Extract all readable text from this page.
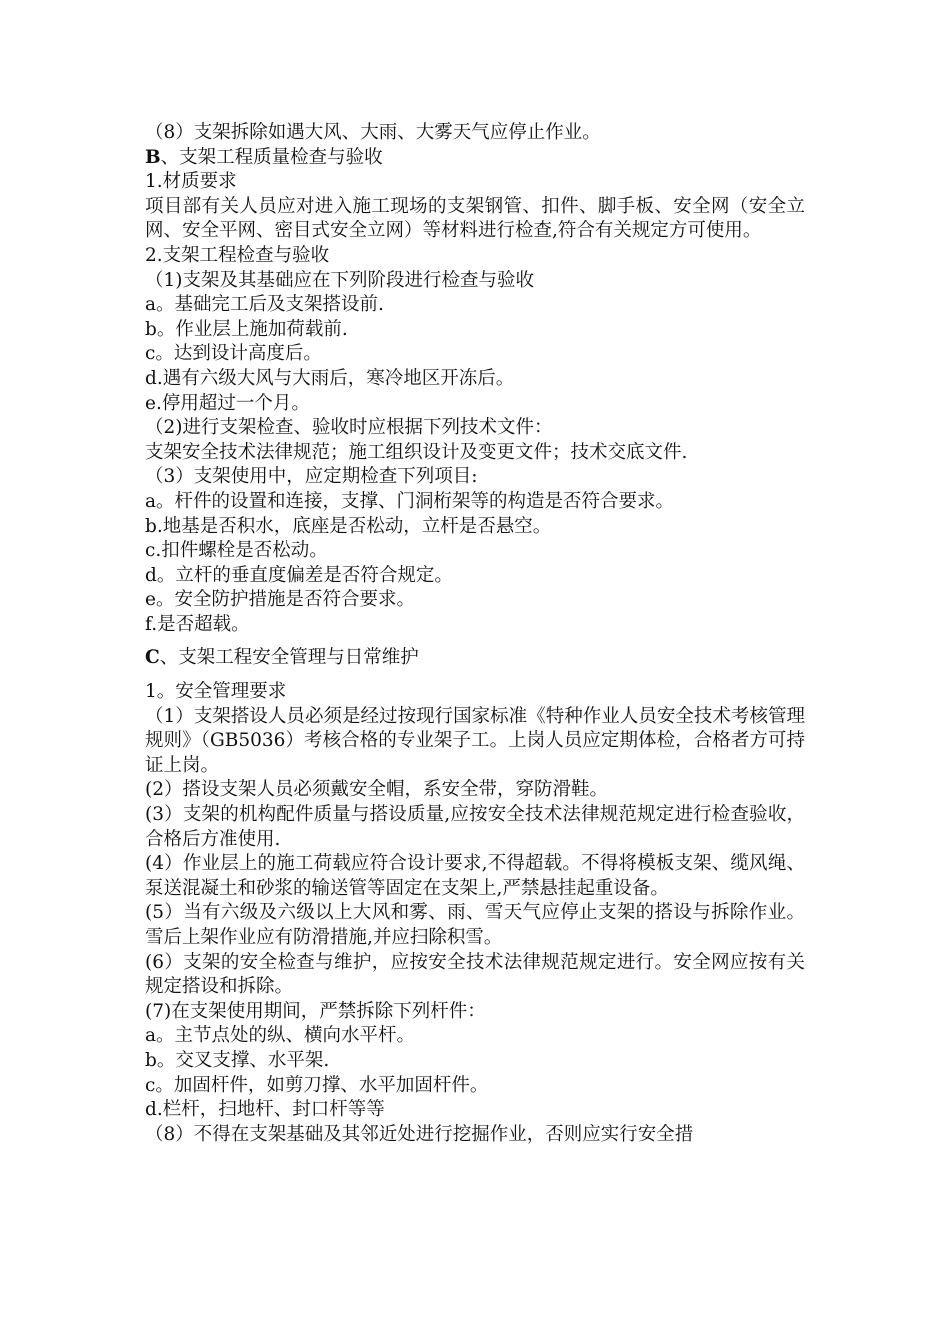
（8）支架拆除如遇大风、大雨、大雾天气应停止作业。

B、支架工程质量检查与验收

1.材质要求

项目部有关人员应对进入施工现场的支架钢管、扣件、脚手板、安全网（安全立网、安全平网、密目式安全立网）等材料进行检查,符合有关规定方可使用。

2.支架工程检查与验收

（1)支架及其基础应在下列阶段进行检查与验收

a。基础完工后及支架搭设前.

b。作业层上施加荷载前.

c。达到设计高度后。

d.遇有六级大风与大雨后，寒冷地区开冻后。

e.停用超过一个月。

（2)进行支架检查、验收时应根据下列技术文件：

支架安全技术法律规范；施工组织设计及变更文件；技术交底文件.

（3）支架使用中，应定期检查下列项目:

a。杆件的设置和连接，支撑、门洞桁架等的构造是否符合要求。

b.地基是否积水，底座是否松动，立杆是否悬空。

c.扣件螺栓是否松动。

d。立杆的垂直度偏差是否符合规定。

e。安全防护措施是否符合要求。

f.是否超载。

C、支架工程安全管理与日常维护

1。安全管理要求

（1）支架搭设人员必须是经过按现行国家标准《特种作业人员安全技术考核管理规则》（GB5036）考核合格的专业架子工。上岗人员应定期体检，合格者方可持证上岗。

(2）搭设支架人员必须戴安全帽，系安全带，穿防滑鞋。

(3）支架的机构配件质量与搭设质量,应按安全技术法律规范规定进行检查验收，合格后方准使用.

(4）作业层上的施工荷载应符合设计要求,不得超载。不得将模板支架、缆风绳、泵送混凝土和砂浆的输送管等固定在支架上,严禁悬挂起重设备。

(5）当有六级及六级以上大风和雾、雨、雪天气应停止支架的搭设与拆除作业。雪后上架作业应有防滑措施,并应扫除积雪。

(6）支架的安全检查与维护，应按安全技术法律规范规定进行。安全网应按有关规定搭设和拆除。

(7)在支架使用期间，严禁拆除下列杆件：

a。主节点处的纵、横向水平杆。

b。交叉支撑、水平架.

c。加固杆件，如剪刀撑、水平加固杆件。

d.栏杆，扫地杆、封口杆等等

（8）不得在支架基础及其邻近处进行挖掘作业，否则应实行安全措
